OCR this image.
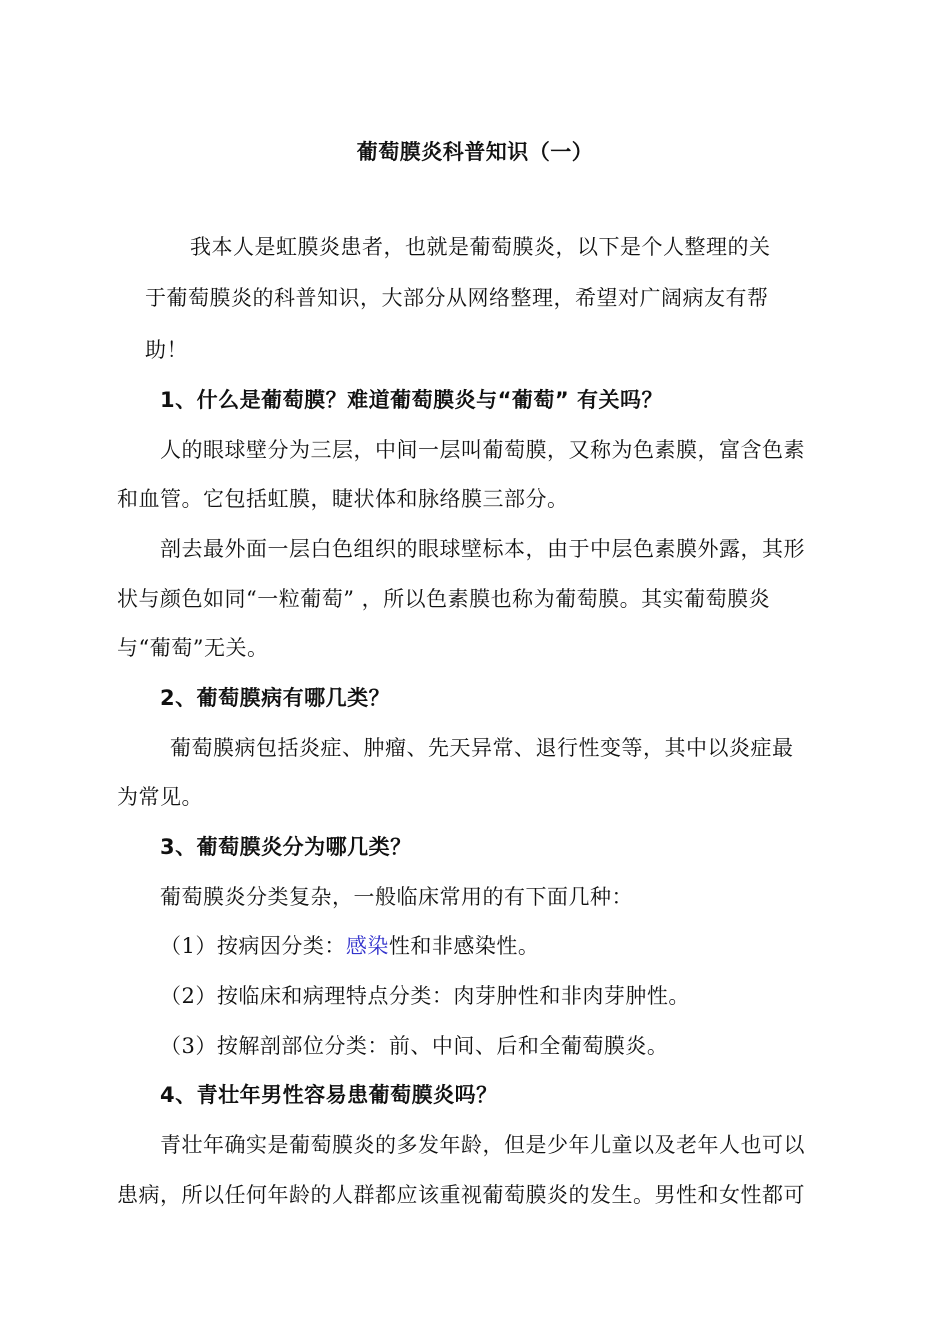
葡萄膜炎科普知识（一）
我本人是虹膜炎患者，也就是葡萄膜炎，以下是个人整理的关
于葡萄膜炎的科普知识，大部分从网络整理，希望对广阔病友有帮
助！
1、什么是葡萄膜？难道葡萄膜炎与“葡萄” 有关吗？
人的眼球壁分为三层，中间一层叫葡萄膜，又称为色素膜，富含色素
和血管。它包括虹膜，睫状体和脉络膜三部分。
剖去最外面一层白色组织的眼球壁标本，由于中层色素膜外露，其形
状与颜色如同“一粒葡萄” ，所以色素膜也称为葡萄膜。其实葡萄膜炎
与“葡萄”无关。
2、葡萄膜病有哪几类？
葡萄膜病包括炎症、肿瘤、先天异常、退行性变等，其中以炎症最
为常见。
3、葡萄膜炎分为哪几类？
葡萄膜炎分类复杂，一般临床常用的有下面几种：
（1）按病因分类：感染性和非感染性。
（2）按临床和病理特点分类：肉芽肿性和非肉芽肿性。
（3）按解剖部位分类：前、中间、后和全葡萄膜炎。
4、青壮年男性容易患葡萄膜炎吗？
青壮年确实是葡萄膜炎的多发年龄，但是少年儿童以及老年人也可以
患病，所以任何年龄的人群都应该重视葡萄膜炎的发生。男性和女性都可
